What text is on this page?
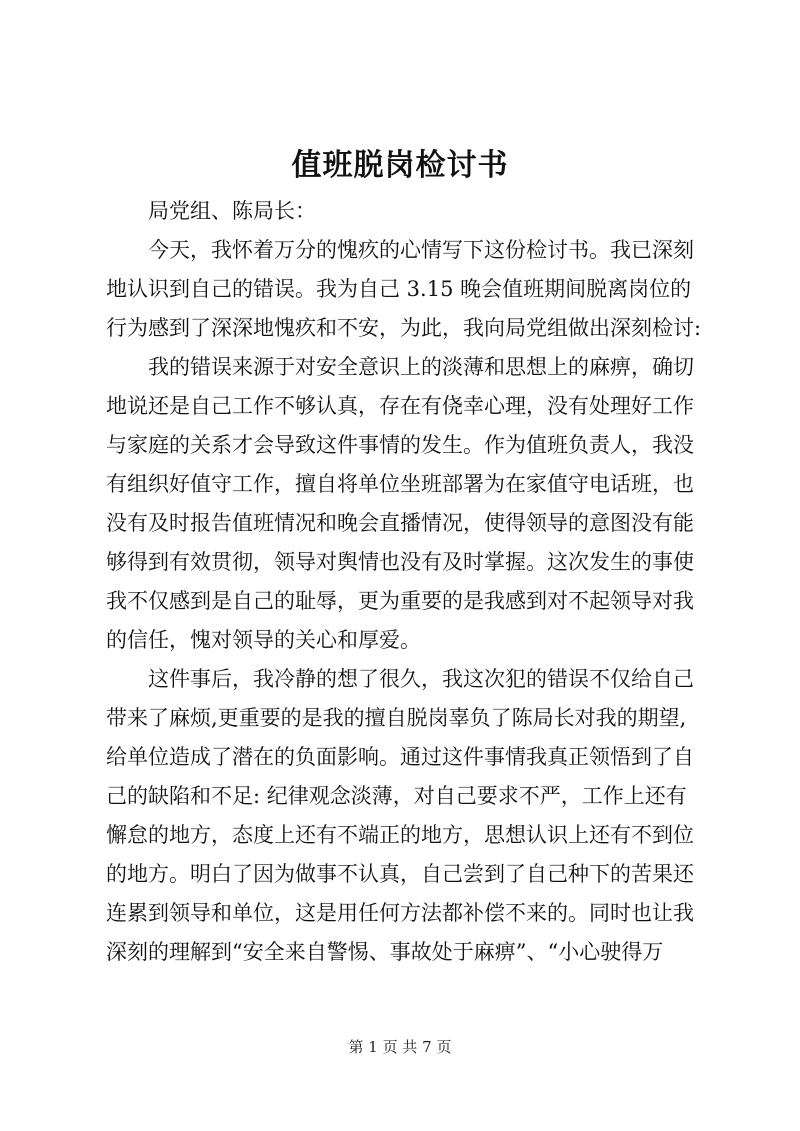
值班脱岗检讨书
局党组、陈局长：
今天，我怀着万分的愧疚的心情写下这份检讨书。我已深刻
地认识到自己的错误。我为自己 3.15 晚会值班期间脱离岗位的
行为感到了深深地愧疚和不安，为此，我向局党组做出深刻检讨:
我的错误来源于对安全意识上的淡薄和思想上的麻痹，确切
地说还是自己工作不够认真，存在有侥幸心理，没有处理好工作
与家庭的关系才会导致这件事情的发生。作为值班负责人，我没
有组织好值守工作，擅自将单位坐班部署为在家值守电话班，也
没有及时报告值班情况和晚会直播情况，使得领导的意图没有能
够得到有效贯彻，领导对舆情也没有及时掌握。这次发生的事使
我不仅感到是自己的耻辱，更为重要的是我感到对不起领导对我
的信任，愧对领导的关心和厚爱。
这件事后，我冷静的想了很久，我这次犯的错误不仅给自己
带来了麻烦,更重要的是我的擅自脱岗辜负了陈局长对我的期望,
给单位造成了潜在的负面影响。通过这件事情我真正领悟到了自
己的缺陷和不足: 纪律观念淡薄，对自己要求不严，工作上还有
懈怠的地方，态度上还有不端正的地方，思想认识上还有不到位
的地方。明白了因为做事不认真，自己尝到了自己种下的苦果还
连累到领导和单位，这是用任何方法都补偿不来的。同时也让我
深刻的理解到“安全来自警惕、事故处于麻痹”、“小心驶得万
第 1 页 共 7 页
